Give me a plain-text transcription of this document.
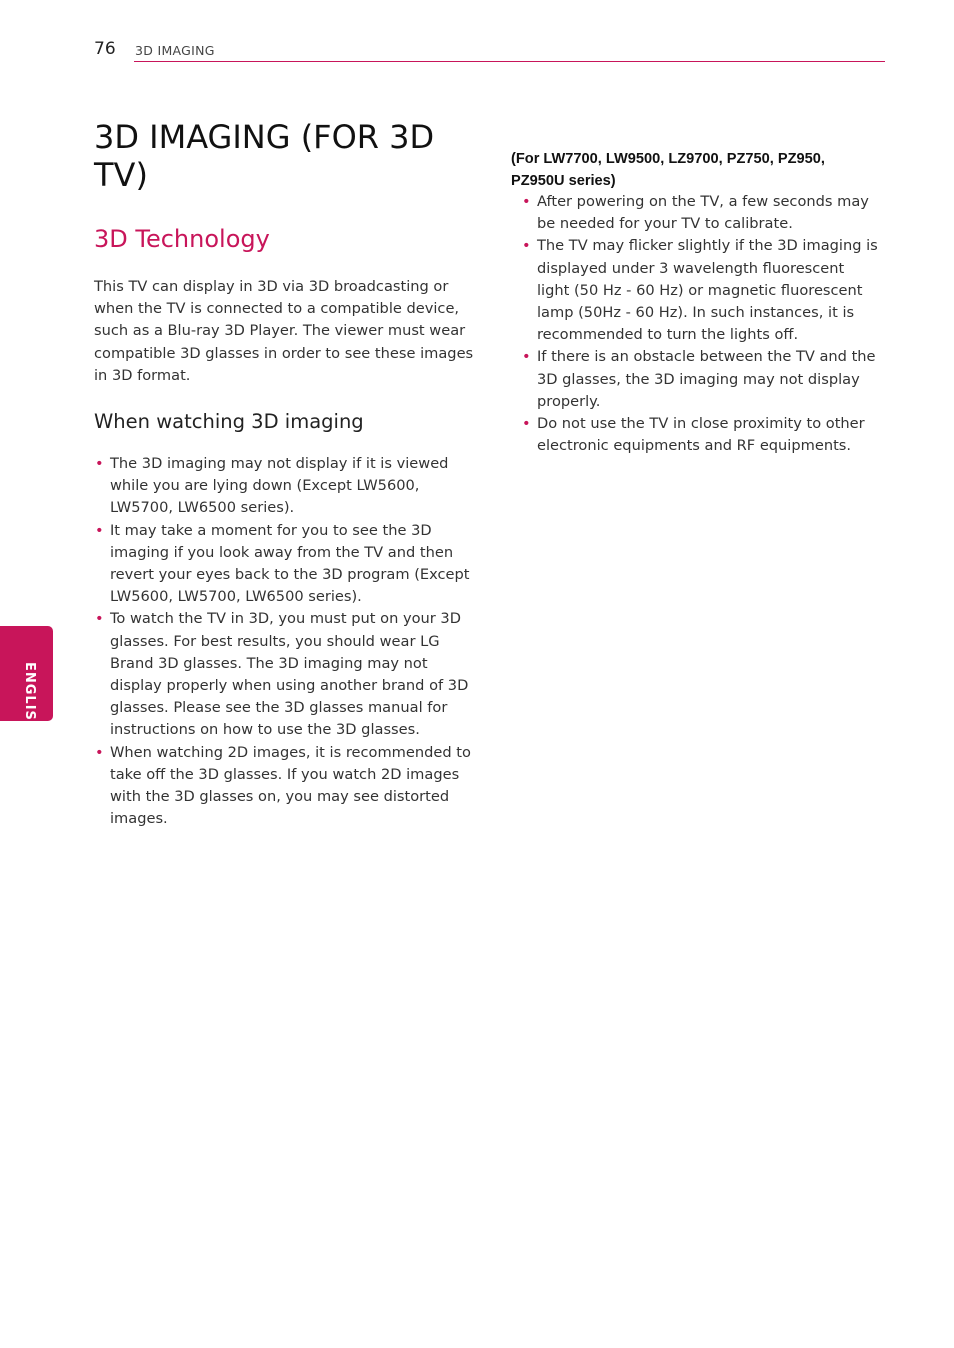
76 3D IMAGING
3D IMAGING (FOR 3D TV)
3D Technology

This TV can display in 3D via 3D broadcasting or when the TV is connected to a compatible device, such as a Blu-ray 3D Player. The viewer must wear compatible 3D glasses in order to see these images in 3D format.

When watching 3D imaging
• The 3D imaging may not display if it is viewed while you are lying down (Except LW5600, LW5700, LW6500 series).
• It may take a moment for you to see the 3D imaging if you look away from the TV and then revert your eyes back to the 3D program (Except LW5600, LW5700, LW6500 series).
• To watch the TV in 3D, you must put on your 3D glasses. For best results, you should wear LG Brand 3D glasses. The 3D imaging may not display properly when using another brand of 3D glasses. Please see the 3D glasses manual for instructions on how to use the 3D glasses.
• When watching 2D images, it is recommended to take off the 3D glasses. If you watch 2D images with the 3D glasses on, you may see distorted images.

(For LW7700, LW9500, LZ9700, PZ750, PZ950, PZ950U series)

• After powering on the TV, a few seconds may be needed for your TV to calibrate.
• The TV may flicker slightly if the 3D imaging is displayed under 3 wavelength fluorescent light (50 Hz - 60 Hz) or magnetic fluorescent lamp (50Hz - 60 Hz). In such instances, it is recommended to turn the lights off.
• If there is an obstacle between the TV and the 3D glasses, the 3D imaging may not display properly.
• Do not use the TV in close proximity to other electronic equipments and RF equipments.
ENGLISH
